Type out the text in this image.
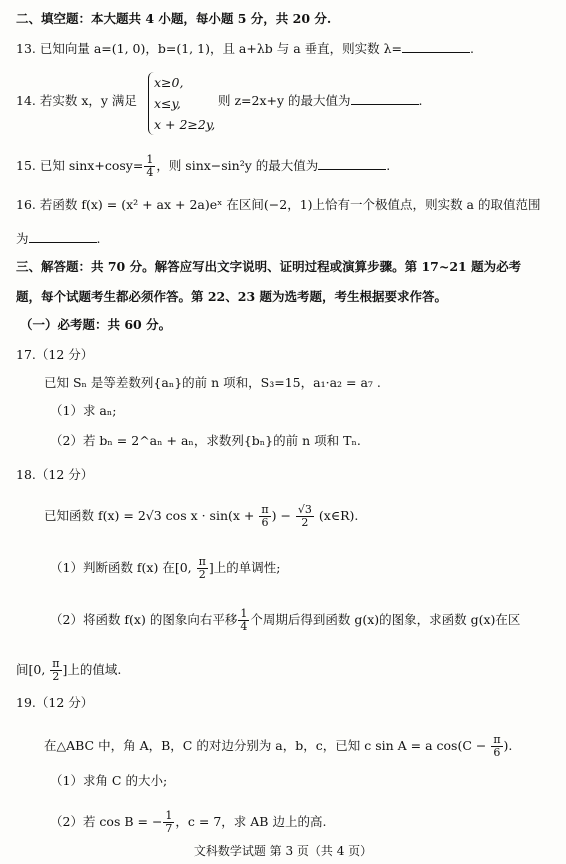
二、填空题：本大题共 4 小题，每小题 5 分，共 20 分.
13. 已知向量 a=(1, 0)，b=(1, 1)，且 a+λb 与 a 垂直，则实数 λ=	.
14. 若实数 x，y 满足
x≥0,
x≤y,
x + 2≥2y,
则 z=2x+y 的最大值为	.
15. 已知 $\sin x+\cos y= \frac{1}{4}$ ，则 sinx−sin²y 的最大值为	.
16. 若函数 f(x) = (x² + ax + 2a)eˣ 在区间(−2，1)上恰有一个极值点，则实数 a 的取值范围
为	.
三、解答题：共 70 分。解答应写出文字说明、证明过程或演算步骤。第 17~21 题为必考
题，每个试题考生都必须作答。第 22、23 题为选考题，考生根据要求作答。
（一）必考题：共 60 分。
17.（12 分）
已知 Sₙ 是等差数列{aₙ}的前 n 项和，S₃=15，a₁·a₂ = a₇ .
（1）求 aₙ;
（2）若 bₙ = 2^aₙ + aₙ，求数列{bₙ}的前 n 项和 Tₙ.
18.（12 分）
已知函数 f(x) = 2√3 $\cos x \cdot \sin(x + \frac{\pi}{6}$ ) − $\frac{√3}{2}$ (x∈R).
（1）判断函数 f(x) 在[0, $\frac{\pi}{2}$ ]上的单调性;
（2）将函数 f(x) 的图象向右平移 $\frac{1}{4}$ 个周期后得到函数 g(x)的图象，求函数 g(x)在区
间[0, $\frac{\pi}{2}$ ]上的值域.
19.（12 分）
在△ABC 中，角 A，B，C 的对边分别为 a，b，c，已知 c sin A = a $\cos(C - \frac{\pi}{6}$ ).
（1）求角 C 的大小;
（2）若 cos B = − $\frac{1}{7}$ ，c = 7，求 AB 边上的高.
文科数学试题 第 3 页（共 4 页）
